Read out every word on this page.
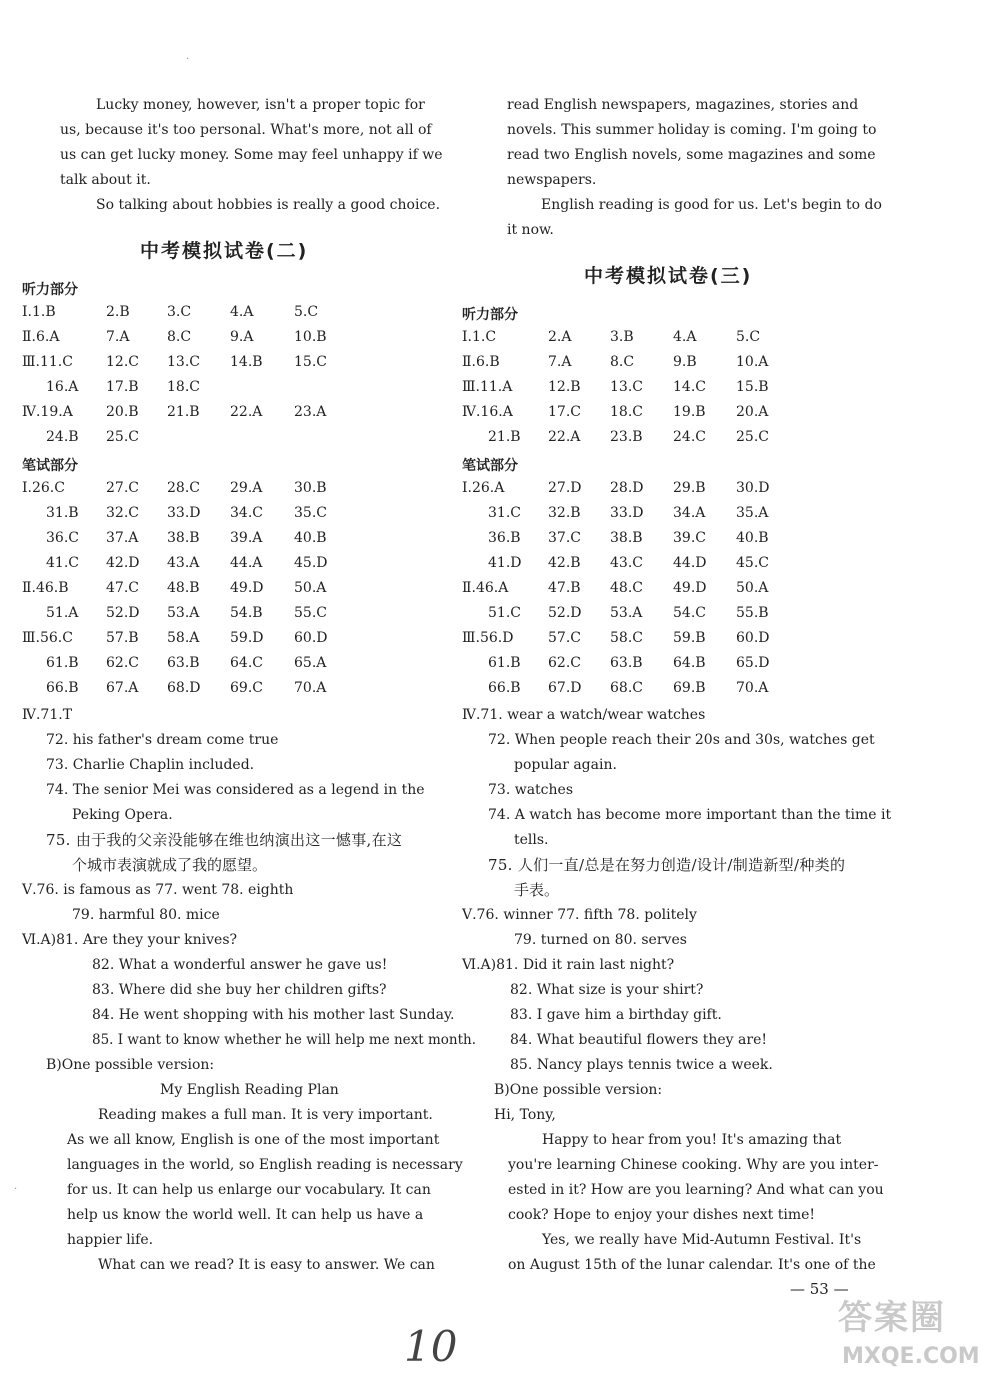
Lucky money, however, isn't a proper topic for
us, because it's too personal. What's more, not all of
us can get lucky money. Some may feel unhappy if we
talk about it.
So talking about hobbies is really a good choice.
中考模拟试卷(二)
听力部分
Ⅰ.1.B	2.B	3.C	4.A	5.C
Ⅱ.6.A	7.A	8.C	9.A	10.B
Ⅲ.11.C 12.C 13.C 14.B 15.C
16.A 17.B 18.C
Ⅳ.19.A 20.B 21.B 22.A 23.A
24.B 25.C
笔试部分
Ⅰ.26.C	27.C 28.C 29.A 30.B
31.B 32.C 33.D 34.C 35.C
36.C 37.A 38.B 39.A 40.B
41.C 42.D 43.A 44.A 45.D
Ⅱ.46.B	47.C 48.B 49.D 50.A
51.A 52.D 53.A 54.B 55.C
Ⅲ.56.C 57.B 58.A 59.D 60.D
61.B 62.C 63.B 64.C 65.A
66.B 67.A 68.D 69.C 70.A
Ⅳ.71.T
72. his father's dream come true
73. Charlie Chaplin included.
74. The senior Mei was considered as a legend in the
Peking Opera.
75. 由于我的父亲没能够在维也纳演出这一憾事,在这
个城市表演就成了我的愿望。
Ⅴ.76. is famous as 77. went 78. eighth
79. harmful 80. mice
Ⅵ.A)81. Are they your knives?
82. What a wonderful answer he gave us!
83. Where did she buy her children gifts?
84. He went shopping with his mother last Sunday.
85. I want to know whether he will help me next month.
B)One possible version:
My English Reading Plan
Reading makes a full man. It is very important.
As we all know, English is one of the most important
languages in the world, so English reading is necessary
for us. It can help us enlarge our vocabulary. It can
help us know the world well. It can help us have a
happier life.
What can we read? It is easy to answer. We can
read English newspapers, magazines, stories and
novels. This summer holiday is coming. I'm going to
read two English novels, some magazines and some
newspapers.
English reading is good for us. Let's begin to do
it now.
中考模拟试卷(三)
听力部分
Ⅰ.1.C	2.A	3.B	4.A	5.C
Ⅱ.6.B	7.A	8.C	9.B	10.A
Ⅲ.11.A	12.B 13.C 14.C 15.B
Ⅳ.16.A	17.C 18.C 19.B 20.A
21.B 22.A 23.B 24.C 25.C
笔试部分
Ⅰ.26.A	27.D 28.D 29.B 30.D
31.C 32.B 33.D 34.A 35.A
36.B 37.C 38.B 39.C 40.B
41.D 42.B 43.C 44.D 45.C
Ⅱ.46.A	47.B 48.C 49.D 50.A
51.C 52.D 53.A 54.C 55.B
Ⅲ.56.D 57.C 58.C 59.B 60.D
61.B 62.C 63.B 64.B 65.D
66.B 67.D 68.C 69.B 70.A
Ⅳ.71. wear a watch/wear watches
72. When people reach their 20s and 30s, watches get
popular again.
73. watches
74. A watch has become more important than the time it
tells.
75. 人们一直/总是在努力创造/设计/制造新型/种类的
手表。
Ⅴ.76. winner 77. fifth 78. politely
79. turned on 80. serves
Ⅵ.A)81. Did it rain last night?
82. What size is your shirt?
83. I gave him a birthday gift.
84. What beautiful flowers they are!
85. Nancy plays tennis twice a week.
B)One possible version:
Hi, Tony,
Happy to hear from you! It's amazing that
you're learning Chinese cooking. Why are you inter-
ested in it? How are you learning? And what can you
cook? Hope to enjoy your dishes next time!
Yes, we really have Mid-Autumn Festival. It's
on August 15th of the lunar calendar. It's one of the
·
·
— 53 —
10
答案圈
MXQE.COM
